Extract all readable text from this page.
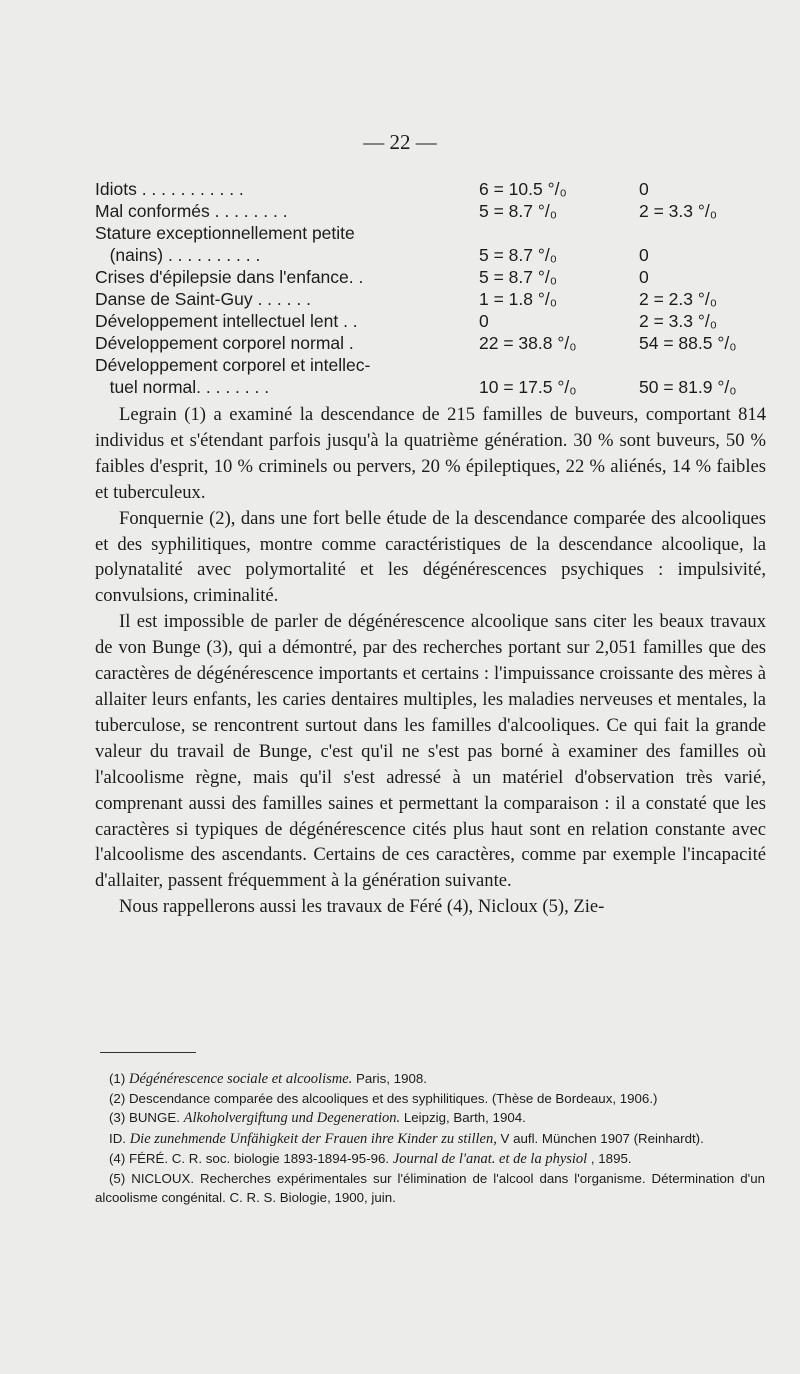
— 22 —
Idiots . . . . . . . . . . .	6 = 10.5 °/₀	0
Mal conformés . . . . . . . .	5 = 8.7 °/₀	2 = 3.3 °/₀
Stature exceptionnellement petite
(nains) . . . . . . . . . .	5 = 8.7 °/₀	0
Crises d'épilepsie dans l'enfance. .	5 = 8.7 °/₀	0
Danse de Saint-Guy . . . . . .	1 = 1.8 °/₀	2 = 2.3 °/₀
Développement intellectuel lent . .	0	2 = 3.3 °/₀
Développement corporel normal .	22 = 38.8 °/₀	54 = 88.5 °/₀
Développement corporel et intellec-
tuel normal. . . . . . . .	10 = 17.5 °/₀	50 = 81.9 °/₀

Legrain (1) a examiné la descendance de 215 familles de buveurs, comportant 814 individus et s'étendant parfois jusqu'à la quatrième génération. 30 % sont buveurs, 50 % faibles d'esprit, 10 % criminels ou pervers, 20 % épileptiques, 22 % aliénés, 14 % faibles et tuberculeux.

Fonquernie (2), dans une fort belle étude de la descendance comparée des alcooliques et des syphilitiques, montre comme caractéristiques de la descendance alcoolique, la polynatalité avec polymortalité et les dégénérescences psychiques : impulsivité, convulsions, criminalité.

Il est impossible de parler de dégénérescence alcoolique sans citer les beaux travaux de von Bunge (3), qui a démontré, par des recherches portant sur 2,051 familles que des caractères de dégénérescence importants et certains : l'impuissance croissante des mères à allaiter leurs enfants, les caries dentaires multiples, les maladies nerveuses et mentales, la tuberculose, se rencontrent surtout dans les familles d'alcooliques. Ce qui fait la grande valeur du travail de Bunge, c'est qu'il ne s'est pas borné à examiner des familles où l'alcoolisme règne, mais qu'il s'est adressé à un matériel d'observation très varié, comprenant aussi des familles saines et permettant la comparaison : il a constaté que les caractères si typiques de dégénérescence cités plus haut sont en relation constante avec l'alcoolisme des ascendants. Certains de ces caractères, comme par exemple l'incapacité d'allaiter, passent fréquemment à la génération suivante.

Nous rappellerons aussi les travaux de Féré (4), Nicloux (5), Zie-

(1) Dégénérescence sociale et alcoolisme. Paris, 1908.
(2) Descendance comparée des alcooliques et des syphilitiques. (Thèse de Bordeaux, 1906.)
(3) BUNGE. Alkoholvergiftung und Degeneration. Leipzig, Barth, 1904.
ID. Die zunehmende Unfähigkeit der Frauen ihre Kinder zu stillen, V aufl. München 1907 (Reinhardt).
(4) FÉRÉ. C. R. soc. biologie 1893-1894-95-96. Journal de l'anat. et de la physiol , 1895.
(5) NICLOUX. Recherches expérimentales sur l'élimination de l'alcool dans l'organisme. Détermination d'un alcoolisme congénital. C. R. S. Biologie, 1900, juin.
